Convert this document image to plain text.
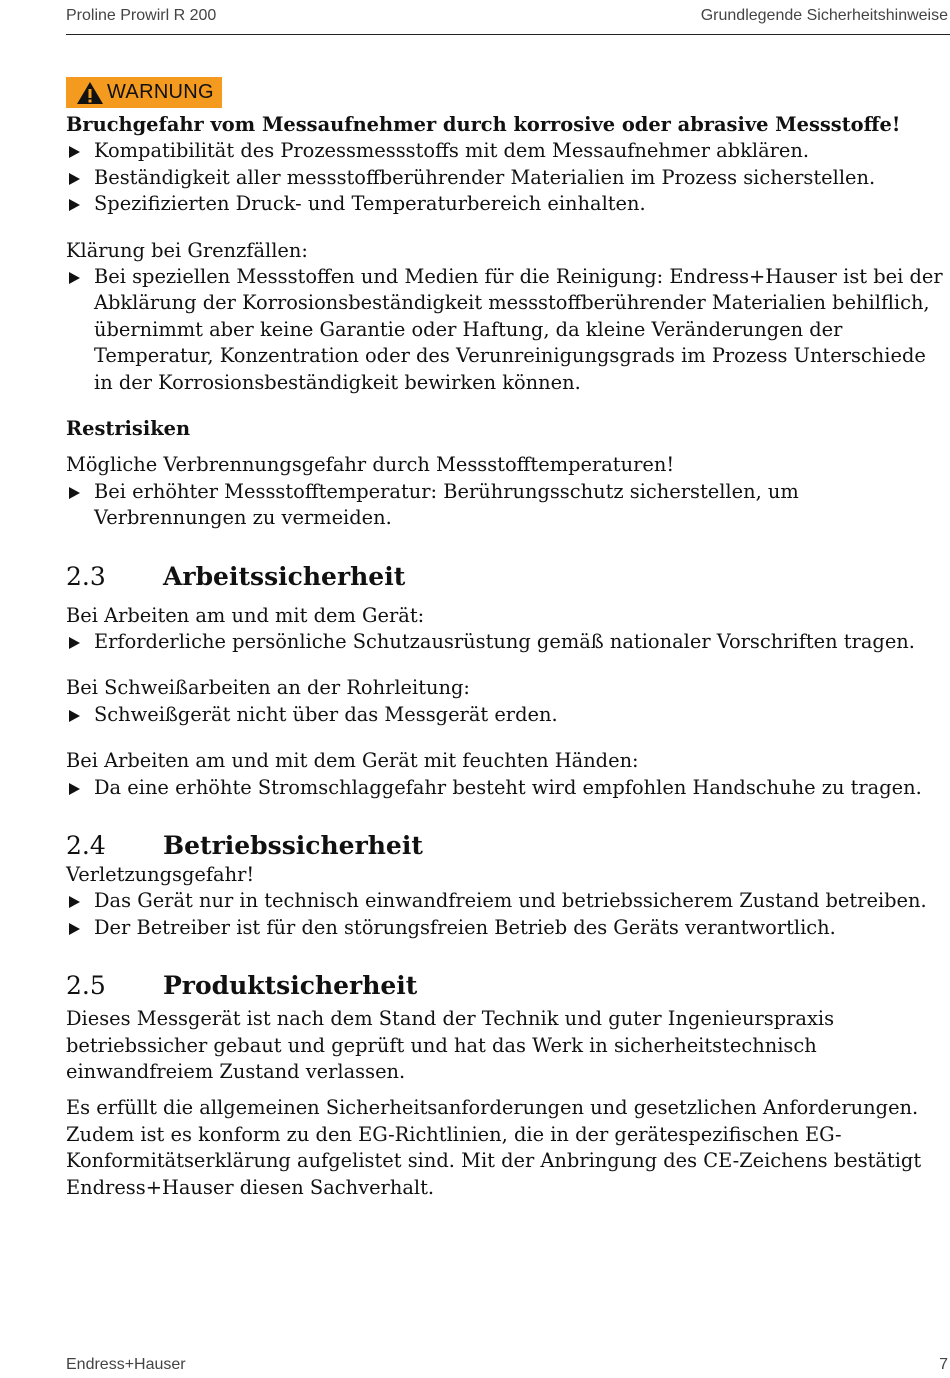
Proline Prowirl R 200	Grundlegende Sicherheitshinweise
WARNUNG

Bruchgefahr vom Messaufnehmer durch korrosive oder abrasive Messstoffe!

Kompatibilität des Prozessmessstoffs mit dem Messaufnehmer abklären.
Beständigkeit aller messstoffberührender Materialien im Prozess sicherstellen.
Spezifizierten Druck- und Temperaturbereich einhalten.

Klärung bei Grenzfällen:

Bei speziellen Messstoffen und Medien für die Reinigung: Endress+Hauser ist bei der Abklärung der Korrosionsbeständigkeit messstoffberührender Materialien behilflich, übernimmt aber keine Garantie oder Haftung, da kleine Veränderungen der Temperatur, Konzentration oder des Verunreinigungsgrads im Prozess Unterschiede in der Korrosionsbeständigkeit bewirken können.

Restrisiken

Mögliche Verbrennungsgefahr durch Messstofftemperaturen!

Bei erhöhter Messstofftemperatur: Berührungsschutz sicherstellen, um Verbrennungen zu vermeiden.
2.3	Arbeitssicherheit

Bei Arbeiten am und mit dem Gerät:

Erforderliche persönliche Schutzausrüstung gemäß nationaler Vorschriften tragen.

Bei Schweißarbeiten an der Rohrleitung:

Schweißgerät nicht über das Messgerät erden.

Bei Arbeiten am und mit dem Gerät mit feuchten Händen:

Da eine erhöhte Stromschlaggefahr besteht wird empfohlen Handschuhe zu tragen.
2.4	Betriebssicherheit

Verletzungsgefahr!

Das Gerät nur in technisch einwandfreiem und betriebssicherem Zustand betreiben.
Der Betreiber ist für den störungsfreien Betrieb des Geräts verantwortlich.
2.5	Produktsicherheit

Dieses Messgerät ist nach dem Stand der Technik und guter Ingenieurspraxis betriebssicher gebaut und geprüft und hat das Werk in sicherheitstechnisch einwandfreiem Zustand verlassen.

Es erfüllt die allgemeinen Sicherheitsanforderungen und gesetzlichen Anforderungen. Zudem ist es konform zu den EG-Richtlinien, die in der gerätespezifischen EG-Konformitätserklärung aufgelistet sind. Mit der Anbringung des CE-Zeichens bestätigt Endress+Hauser diesen Sachverhalt.

Endress+Hauser	7
